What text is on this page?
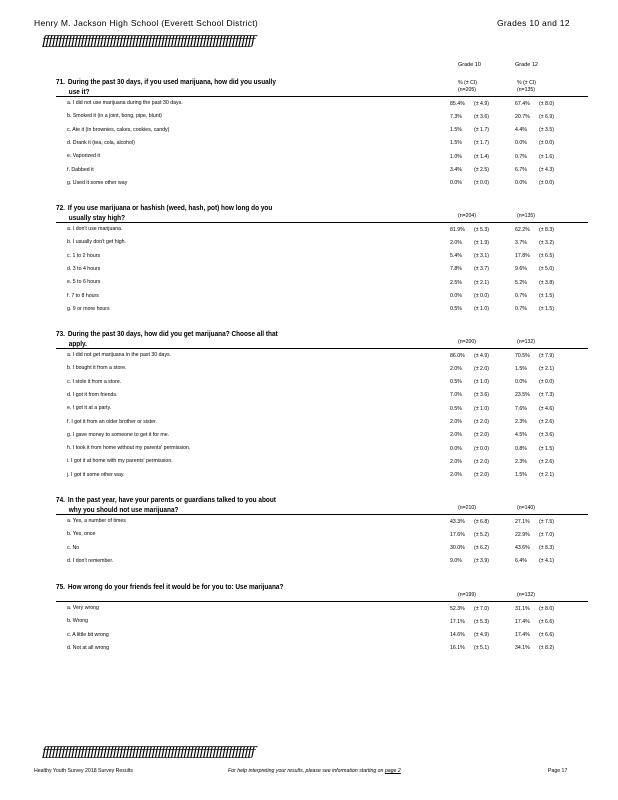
Henry M. Jackson High School (Everett School District)	Grades 10 and 12
ƒƒƒƒƒƒƒƒƒƒƒƒƒƒƒƒƒƒƒƒƒƒƒƒƒƒƒƒƒƒƒƒƒƒƒƒƒƒƒƒƒƒƒƒƒƒƒƒƒƒƒƒƒƒƒƒƒƒƒƒƒƒƒƒƒƒ
Grade 10	Grade 12
71. During the past 30 days, if you used marijuana, how did you usually
use it?
% (± CI)	% (± CI)
(n=205)	(n=135)
a. I did not use marijuana during the past 30 days.	85.4% (± 4.9)	67.4% (± 8.0)
b. Smoked it (in a joint, bong, pipe, blunt)	7.3% (± 3.6)	20.7% (± 6.9)
c. Ate it (in brownies, cakes, cookies, candy)	1.5% (± 1.7)	4.4% (± 3.5)
d. Drank it (tea, cola, alcohol)	1.5% (± 1.7)	0.0% (± 0.0)
e. Vaporized it	1.0% (± 1.4)	0.7% (± 1.6)
f. Dabbed it	3.4% (± 2.5)	6.7% (± 4.3)
g. Used it some other way	0.0% (± 0.0)	0.0% (± 0.0)
72. If you use marijuana or hashish (weed, hash, pot) how long do you
usually stay high?	(n=204)	(n=135)
a. I don't use marijuana.	81.9% (± 5.3)	62.2% (± 8.3)
b. I usually don't get high.	2.0% (± 1.9)	3.7% (± 3.2)
c. 1 to 2 hours	5.4% (± 3.1)	17.8% (± 6.5)
d. 3 to 4 hours	7.8% (± 3.7)	9.6% (± 5.0)
e. 5 to 6 hours	2.5% (± 2.1)	5.2% (± 3.8)
f. 7 to 8 hours	0.0% (± 0.0)	0.7% (± 1.5)
g. 9 or more hours	0.5% (± 1.0)	0.7% (± 1.5)
73. During the past 30 days, how did you get marijuana? Choose all that
apply.	(n=200)	(n=132)
a. I did not get marijuana in the past 30 days.	86.0% (± 4.9)	70.5% (± 7.9)
b. I bought it from a store.	2.0% (± 2.0)	1.5% (± 2.1)
c. I stole it from a store.	0.5% (± 1.0)	0.0% (± 0.0)
d. I got it from friends.	7.0% (± 3.6)	23.5% (± 7.3)
e. I got it at a party.	0.5% (± 1.0)	7.6% (± 4.6)
f. I got it from an older brother or sister.	2.0% (± 2.0)	2.3% (± 2.6)
g. I gave money to someone to get it for me.	2.0% (± 2.0)	4.5% (± 3.6)
h. I took it from home without my parents' permission.	0.0% (± 0.0)	0.8% (± 1.5)
i. I got it at home with my parents' permission.	2.0% (± 2.0)	2.3% (± 2.6)
j. I got it some other way.	2.0% (± 2.0)	1.5% (± 2.1)
74. In the past year, have your parents or guardians talked to you about
why you should not use marijuana?	(n=210)	(n=140)
a. Yes, a number of times	43.3% (± 6.8)	27.1% (± 7.5)
b. Yes, once	17.6% (± 5.2)	22.9% (± 7.0)
c. No	30.0% (± 6.2)	43.6% (± 8.3)
d. I don't remember.	9.0% (± 3.9)	6.4% (± 4.1)
75. How wrong do your friends feel it would be for you to: Use marijuana?
(n=199)	(n=132)
a. Very wrong	52.3% (± 7.0)	31.1% (± 8.0)
b. Wrong	17.1% (± 5.3)	17.4% (± 6.6)
c. A little bit wrong	14.6% (± 4.9)	17.4% (± 6.6)
d. Not at all wrong	16.1% (± 5.1)	34.1% (± 8.2)
ƒƒƒƒƒƒƒƒƒƒƒƒƒƒƒƒƒƒƒƒƒƒƒƒƒƒƒƒƒƒƒƒƒƒƒƒƒƒƒƒƒƒƒƒƒƒƒƒƒƒƒƒƒƒƒƒƒƒƒƒƒƒƒƒƒƒ
Healthy Youth Survey 2018 Survey Results	For help interpreting your results, please see information starting on page 2	Page 17
